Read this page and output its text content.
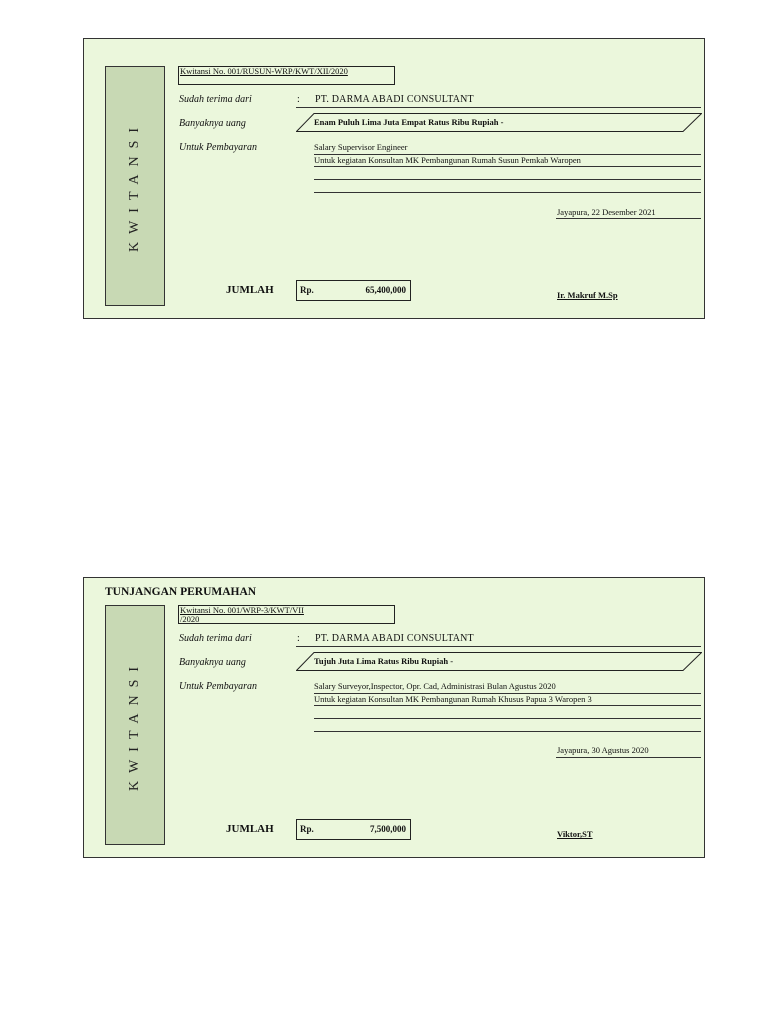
KWITANSI
Kwitansi No. 001/RUSUN-WRP/KWT/XII/2020
Sudah terima dari	: PT. DARMA ABADI CONSULTANT
Banyaknya uang	Enam Puluh Lima Juta Empat Ratus Ribu Rupiah -
Untuk Pembayaran	Salary Supervisor Engineer
Untuk kegiatan Konsultan MK Pembangunan Rumah Susun Pemkab Waropen
Jayapura, 22 Desember 2021
JUMLAH	Rp.	65,400,000	Ir. Makruf M.Sp
TUNJANGAN PERUMAHAN
KWITANSI
Kwitansi No. 001/WRP-3/KWT/VII
/2020
Sudah terima dari	: PT. DARMA ABADI CONSULTANT
Banyaknya uang	Tujuh Juta Lima Ratus Ribu Rupiah -
Untuk Pembayaran	Salary Surveyor,Inspector, Opr. Cad, Administrasi Bulan Agustus 2020
Untuk kegiatan Konsultan MK Pembangunan Rumah Khusus Papua 3 Waropen 3
Jayapura, 30 Agustus 2020
JUMLAH	Rp.	7,500,000	Viktor,ST
